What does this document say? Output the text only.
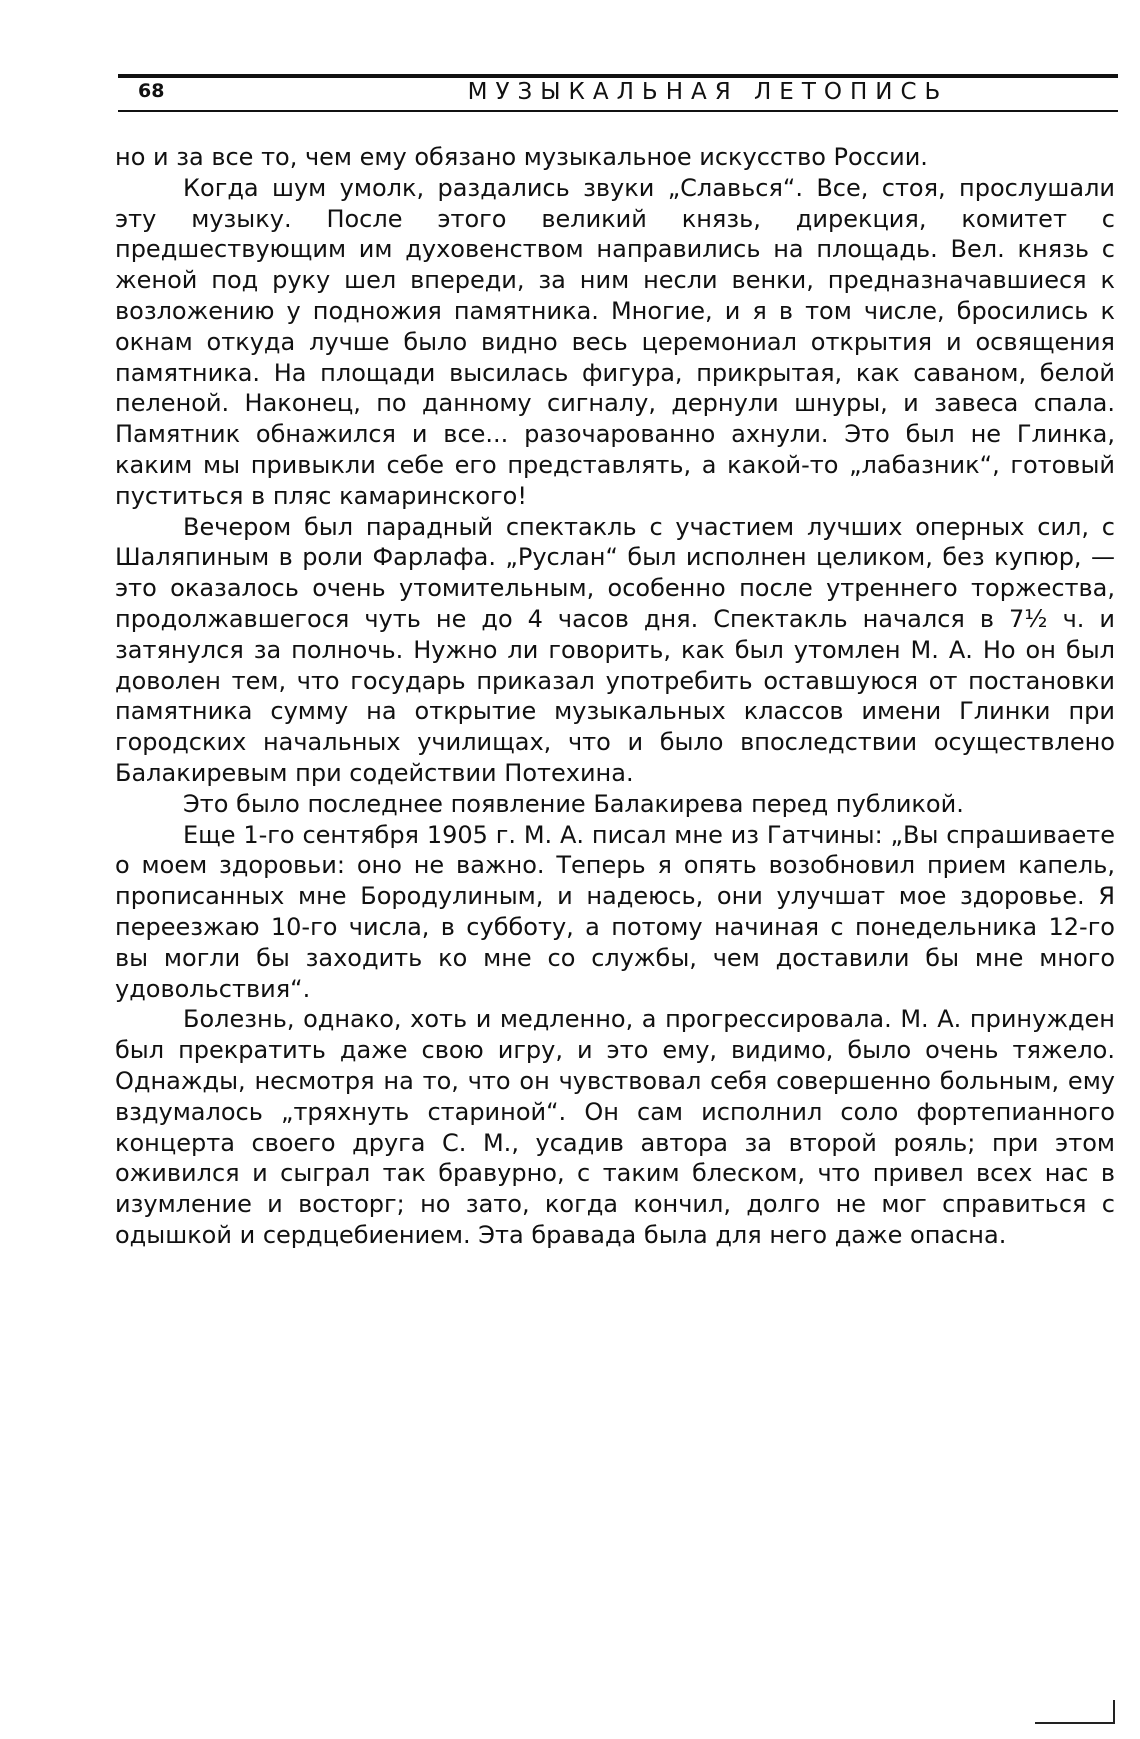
68	МУЗЫКАЛЬНАЯ ЛЕТОПИСЬ

но и за все то, чем ему обязано музыкальное искусство России.

Когда шум умолк, раздались звуки „Славься“. Все, стоя, прослушали эту музыку. После этого великий князь, дирекция, комитет с предшествующим им духовенством направились на площадь. Вел. князь с женой под руку шел впереди, за ним несли венки, предназначавшиеся к возложению у подножия памятника. Многие, и я в том числе, бросились к окнам откуда лучше было видно весь церемониал открытия и освящения памятника. На площади высилась фигура, прикрытая, как саваном, белой пеленой. Наконец, по данному сигналу, дернули шнуры, и завеса спала. Памятник обнажился и все... разочарованно ахнули. Это был не Глинка, каким мы привыкли себе его представлять, а какой-то „лабазник“, готовый пуститься в пляс камаринского!

Вечером был парадный спектакль с участием лучших оперных сил, с Шаляпиным в роли Фарлафа. „Руслан“ был исполнен целиком, без купюр, — это оказалось очень утомительным, особенно после утреннего торжества, продолжавшегося чуть не до 4 часов дня. Спектакль начался в 7½ ч. и затянулся за полночь. Нужно ли говорить, как был утомлен М. А. Но он был доволен тем, что государь приказал употребить оставшуюся от постановки памятника сумму на открытие музыкальных классов имени Глинки при городских начальных училищах, что и было впоследствии осуществлено Балакиревым при содействии Потехина.

Это было последнее появление Балакирева перед публикой.

Еще 1-го сентября 1905 г. М. А. писал мне из Гатчины: „Вы спрашиваете о моем здоровьи: оно не важно. Теперь я опять возобновил прием капель, прописанных мне Бородулиным, и надеюсь, они улучшат мое здоровье. Я переезжаю 10-го числа, в субботу, а потому начиная с понедельника 12-го вы могли бы заходить ко мне со службы, чем доставили бы мне много удовольствия“.

Болезнь, однако, хоть и медленно, а прогрессировала. М. А. принужден был прекратить даже свою игру, и это ему, видимо, было очень тяжело. Однажды, несмотря на то, что он чувствовал себя совершенно больным, ему вздумалось „тряхнуть стариной“. Он сам исполнил соло фортепианного концерта своего друга С. М., усадив автора за второй рояль; при этом оживился и сыграл так бравурно, с таким блеском, что привел всех нас в изумление и восторг; но зато, когда кончил, долго не мог справиться с одышкой и сердцебиением. Эта бравада была для него даже опасна.
